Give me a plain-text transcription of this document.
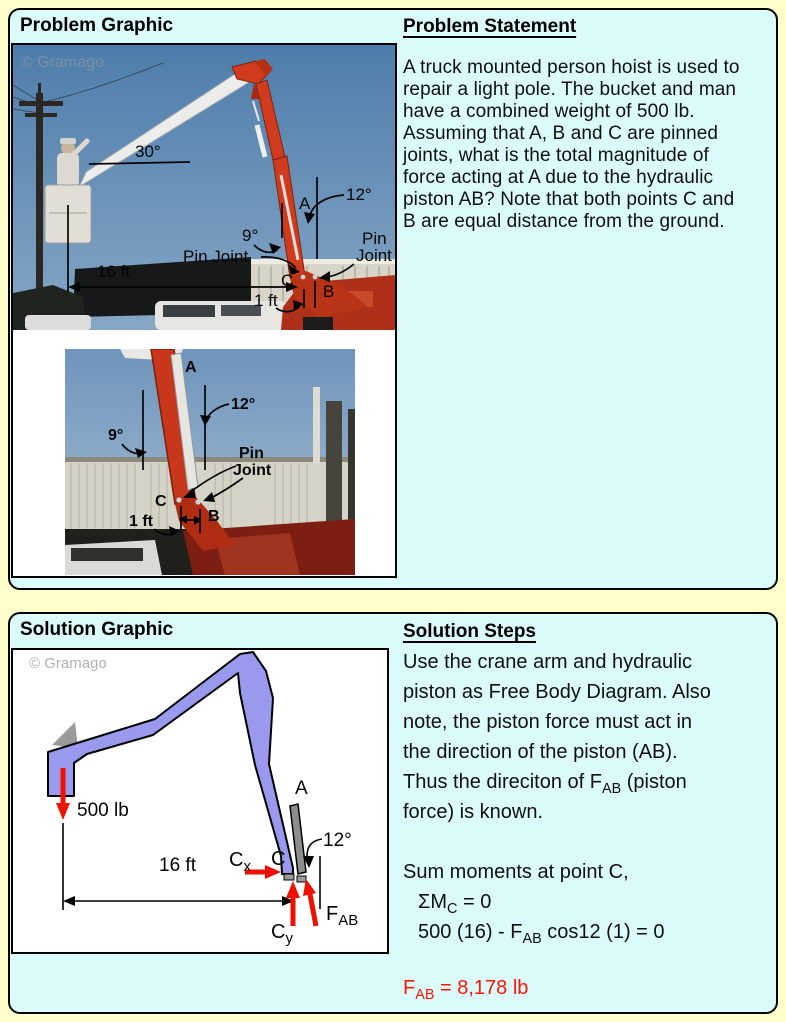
Problem Graphic
© Gramago
30°
16 ft
A 12°
9°
Pin Joint
Pin
Joint
C
B
1 ft
A
12°
9°
Pin
Joint
C
B
1 ft
Problem Statement
A truck mounted person hoist is used to
repair a light pole. The bucket and man
have a combined weight of 500 lb.
Assuming that A, B and C are pinned
joints, what is the total magnitude of
force acting at A due to the hydraulic
piston AB? Note that both points C and
B are equal distance from the ground.
Solution Graphic
© Gramago
16 ft
12°
500 lb
A
C
$C_x$
$C_y$
$F_{AB}$
Solution Steps
Use the crane arm and hydraulic
piston as Free Body Diagram. Also
note, the piston force must act in
the direction of the piston (AB).
Thus the direciton of $F_{AB}$ (piston
force) is known.
Sum moments at point C,
$\Sigma M_C = 0$
500 $(16) - F_{AB}$ cos12 (1) = 0
$F_{AB} = 8,178$ lb
